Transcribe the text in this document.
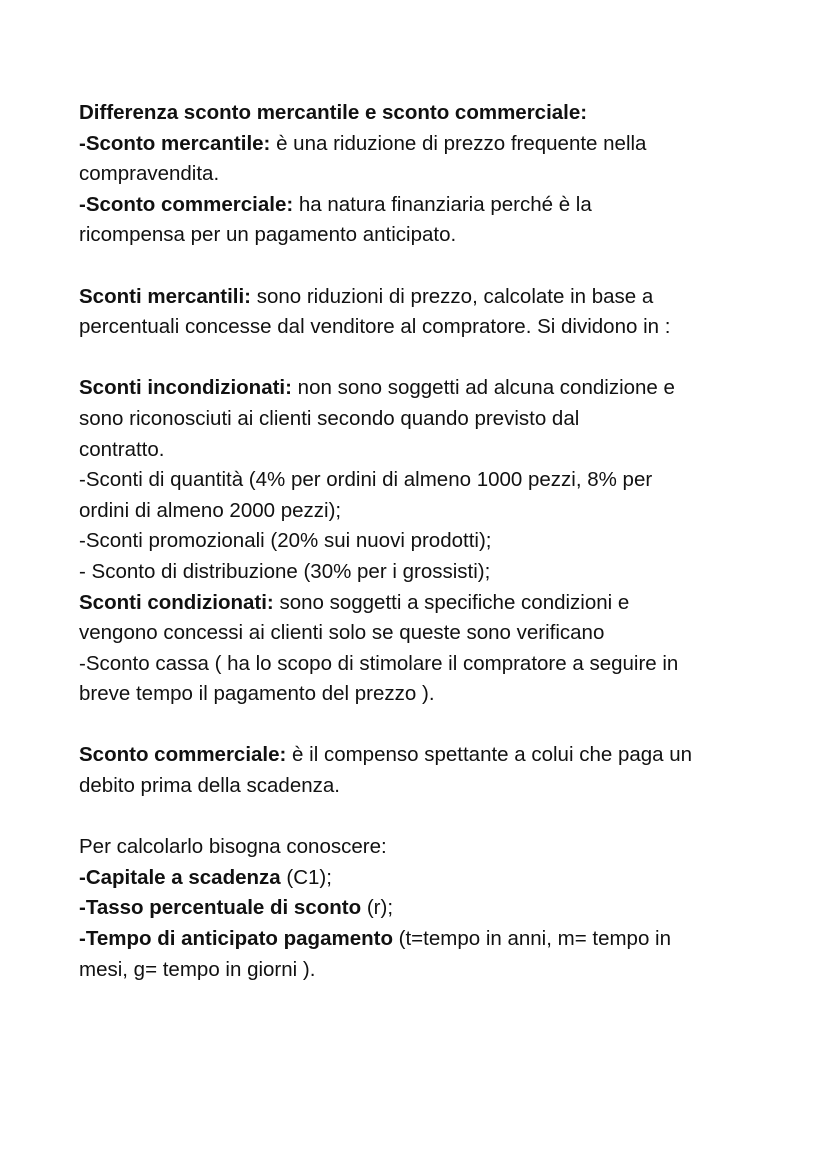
Differenza sconto mercantile e sconto commerciale:
-Sconto mercantile: è una riduzione di prezzo frequente nella
compravendita.
-Sconto commerciale: ha natura finanziaria perché è la
ricompensa per un pagamento anticipato.
Sconti mercantili: sono riduzioni di prezzo, calcolate in base a
percentuali concesse dal venditore al compratore. Si dividono in :
Sconti incondizionati: non sono soggetti ad alcuna condizione e
sono riconosciuti ai clienti secondo quando previsto dal
contratto.
-Sconti di quantità (4% per ordini di almeno 1000 pezzi, 8% per
ordini di almeno 2000 pezzi);
-Sconti promozionali (20% sui nuovi prodotti);
- Sconto di distribuzione (30% per i grossisti);
Sconti condizionati: sono soggetti a specifiche condizioni e
vengono concessi ai clienti solo se queste sono verificano
-Sconto cassa ( ha lo scopo di stimolare il compratore a seguire in
breve tempo il pagamento del prezzo ).
Sconto commerciale: è il compenso spettante a colui che paga un
debito prima della scadenza.
Per calcolarlo bisogna conoscere:
-Capitale a scadenza (C1);
-Tasso percentuale di sconto (r);
-Tempo di anticipato pagamento (t=tempo in anni, m= tempo in
mesi, g= tempo in giorni ).
